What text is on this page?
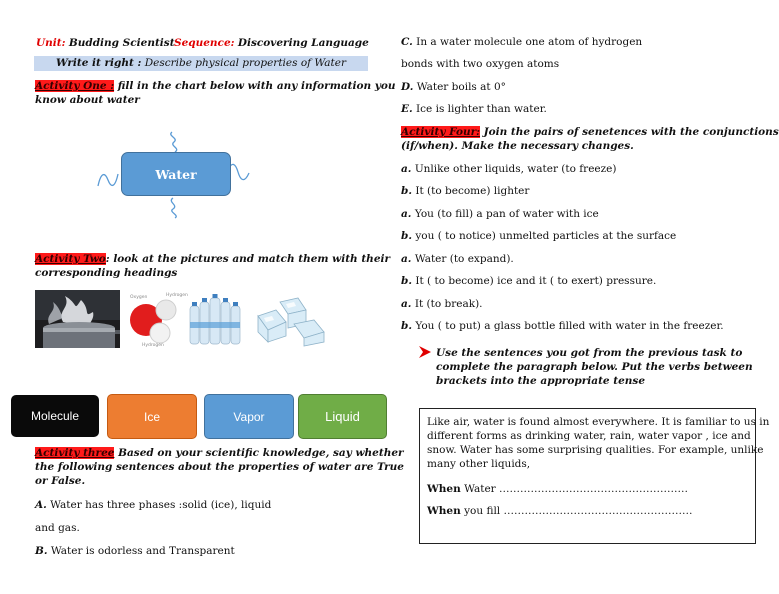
Unit: Budding Scientist Sequence: Discovering Language
Write it right : Describe physical properties of Water
Activity One : fill in the chart below with any information you
know about water
Water
Activity Two: look at the pictures and match them with their
corresponding headings
Oxygen	Hydrogen
Hydrogen
Molecule	Ice	Vapor	Liquid
Activity three Based on your scientific knowledge, say whether
the following sentences about the properties of water are True
or False.
A. Water has three phases :solid (ice), liquid
and gas.
B. Water is odorless and Transparent
C. In a water molecule one atom of hydrogen
bonds with two oxygen atoms
D. Water boils at 0°
E. Ice is lighter than water.
Activity Four: Join the pairs of senetences with the conjunctions
(if/when). Make the necessary changes.
a. Unlike other liquids, water (to freeze)
b. It (to become) lighter
a. You (to fill) a pan of water with ice
b. you ( to notice) unmelted particles at the surface
a. Water (to expand).
b. It ( to become) ice and it ( to exert) pressure.
a. It (to break).
b. You ( to put) a glass bottle filled with water in the freezer.
Use the sentences you got from the previous task to
complete the paragraph below. Put the verbs between
brackets into the appropriate tense
Like air, water is found almost everywhere. It is familiar to us in
different forms as drinking water, rain, water vapor , ice and
snow. Water has some surprising qualities. For example, unlike
many other liquids,
When Water ………………………………………………
When you fill ………………………………………………
